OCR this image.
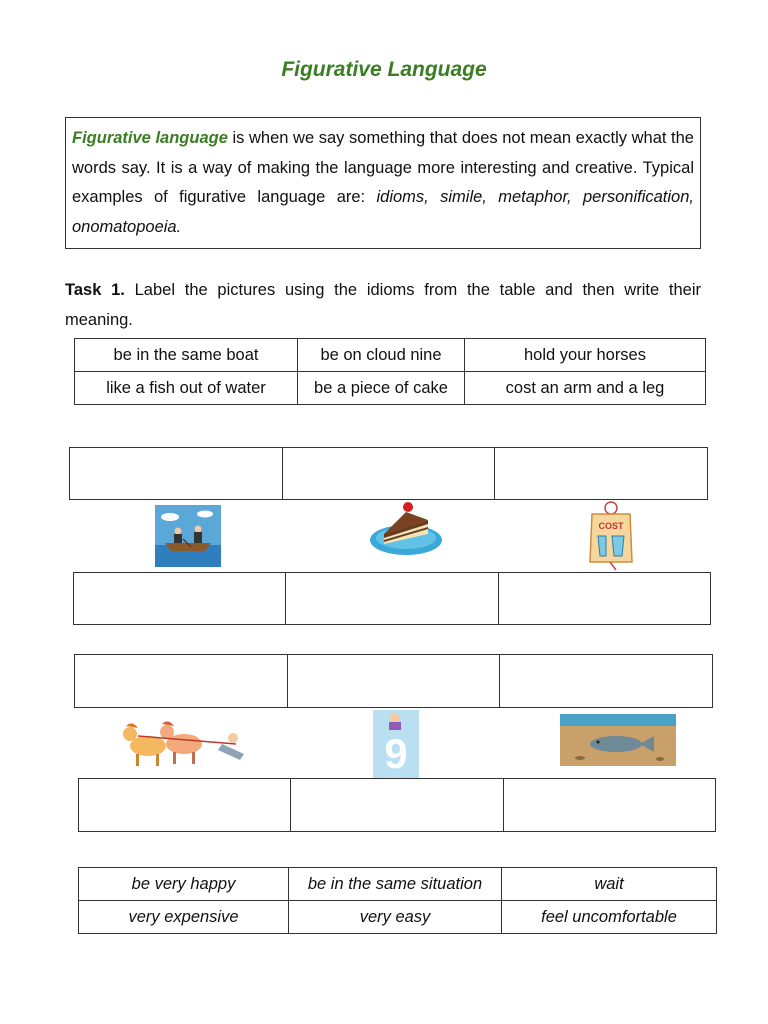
Figurative Language
Figurative language is when we say something that does not mean exactly what the words say. It is a way of making the language more interesting and creative. Typical examples of figurative language are: idioms, simile, metaphor, personification, onomatopoeia.
Task 1. Label the pictures using the idioms from the table and then write their meaning.
be in the same boat	be on cloud nine	hold your horses
like a fish out of water	be a piece of cake	cost an arm and a leg

COST

9

be very happy	be in the same situation	wait
very expensive	very easy	feel uncomfortable
